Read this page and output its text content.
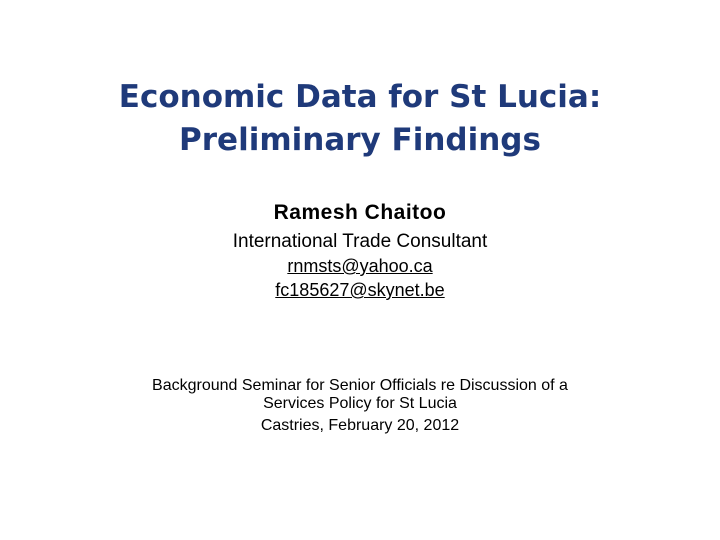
Economic Data for St Lucia:
Preliminary Findings
Ramesh Chaitoo
International Trade Consultant
rnmsts@yahoo.ca
fc185627@skynet.be
Background Seminar for Senior Officials re Discussion of a
Services Policy for St Lucia
Castries, February 20, 2012
